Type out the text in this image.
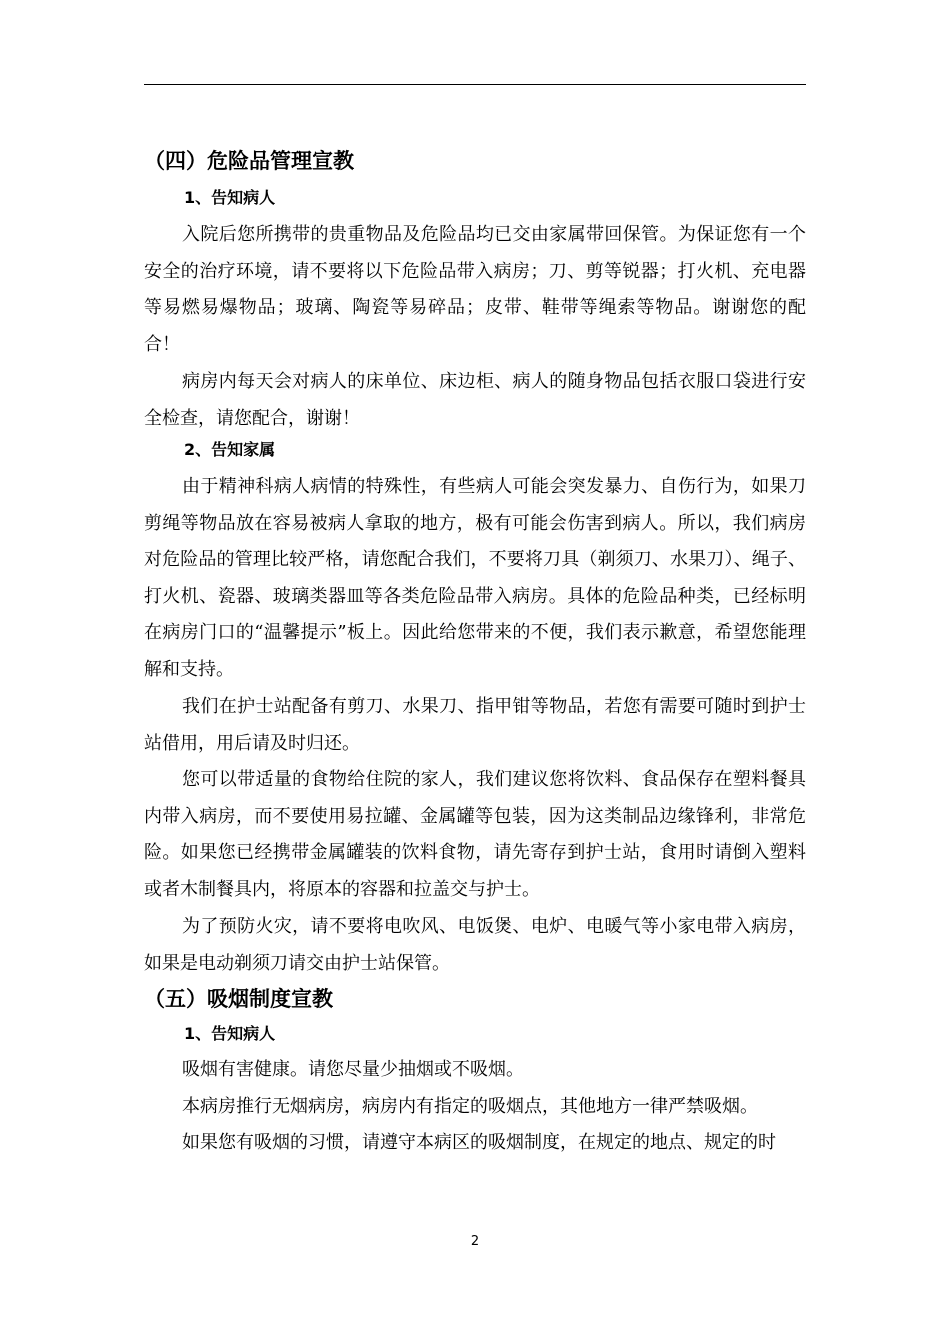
（四）危险品管理宣教
1、告知病人

入院后您所携带的贵重物品及危险品均已交由家属带回保管。为保证您有一个安全的治疗环境，请不要将以下危险品带入病房；刀、剪等锐器；打火机、充电器等易燃易爆物品；玻璃、陶瓷等易碎品；皮带、鞋带等绳索等物品。谢谢您的配合！

病房内每天会对病人的床单位、床边柜、病人的随身物品包括衣服口袋进行安全检查，请您配合，谢谢！

2、告知家属

由于精神科病人病情的特殊性，有些病人可能会突发暴力、自伤行为，如果刀剪绳等物品放在容易被病人拿取的地方，极有可能会伤害到病人。所以，我们病房对危险品的管理比较严格，请您配合我们，不要将刀具（剃须刀、水果刀）、绳子、打火机、瓷器、玻璃类器皿等各类危险品带入病房。具体的危险品种类，已经标明在病房门口的“温馨提示”板上。因此给您带来的不便，我们表示歉意，希望您能理解和支持。

我们在护士站配备有剪刀、水果刀、指甲钳等物品，若您有需要可随时到护士站借用，用后请及时归还。

您可以带适量的食物给住院的家人，我们建议您将饮料、食品保存在塑料餐具内带入病房，而不要使用易拉罐、金属罐等包装，因为这类制品边缘锋利，非常危险。如果您已经携带金属罐装的饮料食物，请先寄存到护士站，食用时请倒入塑料或者木制餐具内，将原本的容器和拉盖交与护士。

为了预防火灾，请不要将电吹风、电饭煲、电炉、电暖气等小家电带入病房，如果是电动剃须刀请交由护士站保管。

（五）吸烟制度宣教
1、告知病人

吸烟有害健康。请您尽量少抽烟或不吸烟。

本病房推行无烟病房，病房内有指定的吸烟点，其他地方一律严禁吸烟。

如果您有吸烟的习惯，请遵守本病区的吸烟制度，在规定的地点、规定的时

2
